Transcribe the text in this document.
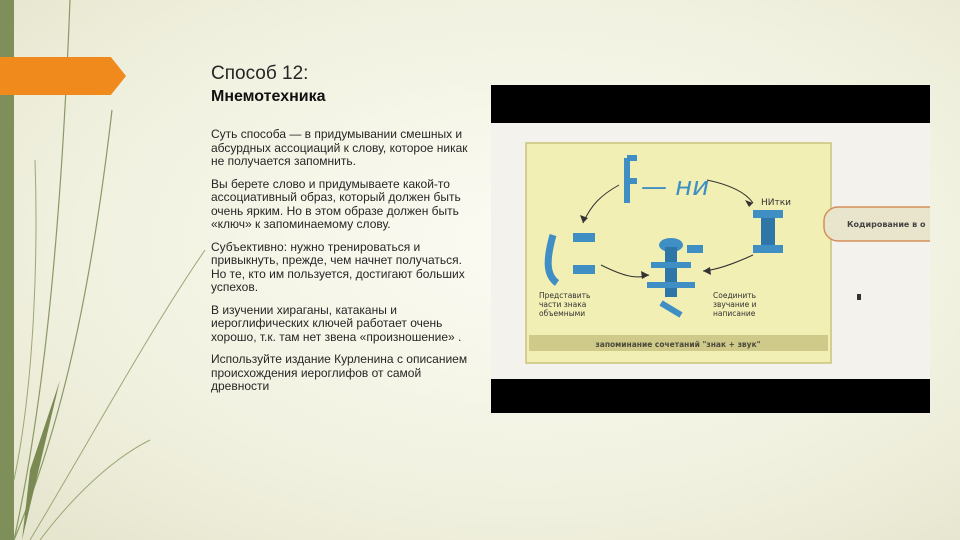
Способ 12:
Мнемотехника

Суть способа — в придумывании смешных и абсурдных ассоциаций к слову, которое никак не получается запомнить.

Вы берете слово и придумываете какой-то ассоциативный образ, который должен быть очень ярким. Но в этом образе должен быть «ключ» к запоминаемому слову.

Субъективно: нужно тренироваться и привыкнуть, прежде, чем начнет получаться. Но те, кто им пользуется, достигают больших успехов.

В изучении хираганы, катаканы и иероглифических ключей работает очень хорошо, т.к. там нет звена «произношение» .

Используйте издание Курленина с описанием происхождения иероглифов от самой древности

запоминание сочетаний "знак + звук"
— ни
НИтки
Представить части знака объемными
Соединить звучание и написание
Кодирование в о
